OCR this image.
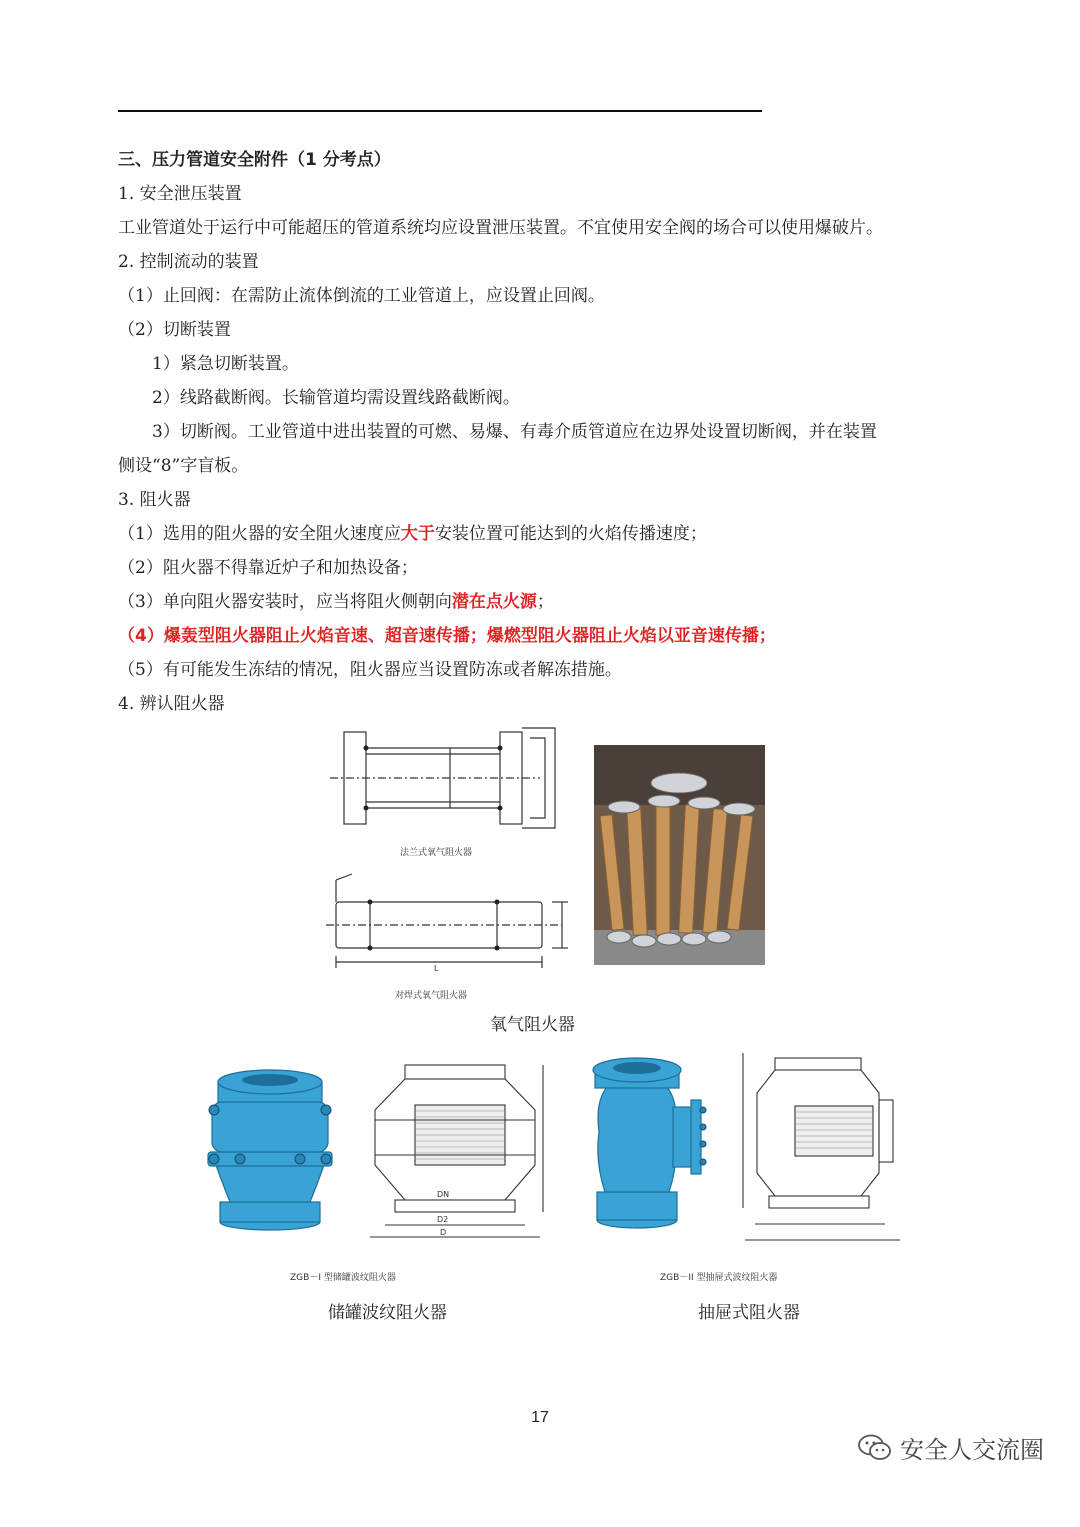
三、压力管道安全附件（1 分考点）
1. 安全泄压装置
工业管道处于运行中可能超压的管道系统均应设置泄压装置。不宜使用安全阀的场合可以使用爆破片。
2. 控制流动的装置
（1）止回阀：在需防止流体倒流的工业管道上，应设置止回阀。
（2）切断装置
1）紧急切断装置。
2）线路截断阀。长输管道均需设置线路截断阀。
3）切断阀。工业管道中进出装置的可燃、易爆、有毒介质管道应在边界处设置切断阀，并在装置
侧设“8”字盲板。
3. 阻火器
（1）选用的阻火器的安全阻火速度应大于安装位置可能达到的火焰传播速度；
（2）阻火器不得靠近炉子和加热设备；
（3）单向阻火器安装时，应当将阻火侧朝向潜在点火源；
（4）爆轰型阻火器阻止火焰音速、超音速传播；爆燃型阻火器阻止火焰以亚音速传播；
（5）有可能发生冻结的情况，阻火器应当设置防冻或者解冻措施。
4. 辨认阻火器
法兰式氧气阻火器
L
对焊式氧气阻火器
氧气阻火器
DN
D2
D
ZGB－I 型储罐波纹阻火器	ZGB－II 型抽屉式波纹阻火器
储罐波纹阻火器	抽屉式阻火器
17
安全人交流圈
